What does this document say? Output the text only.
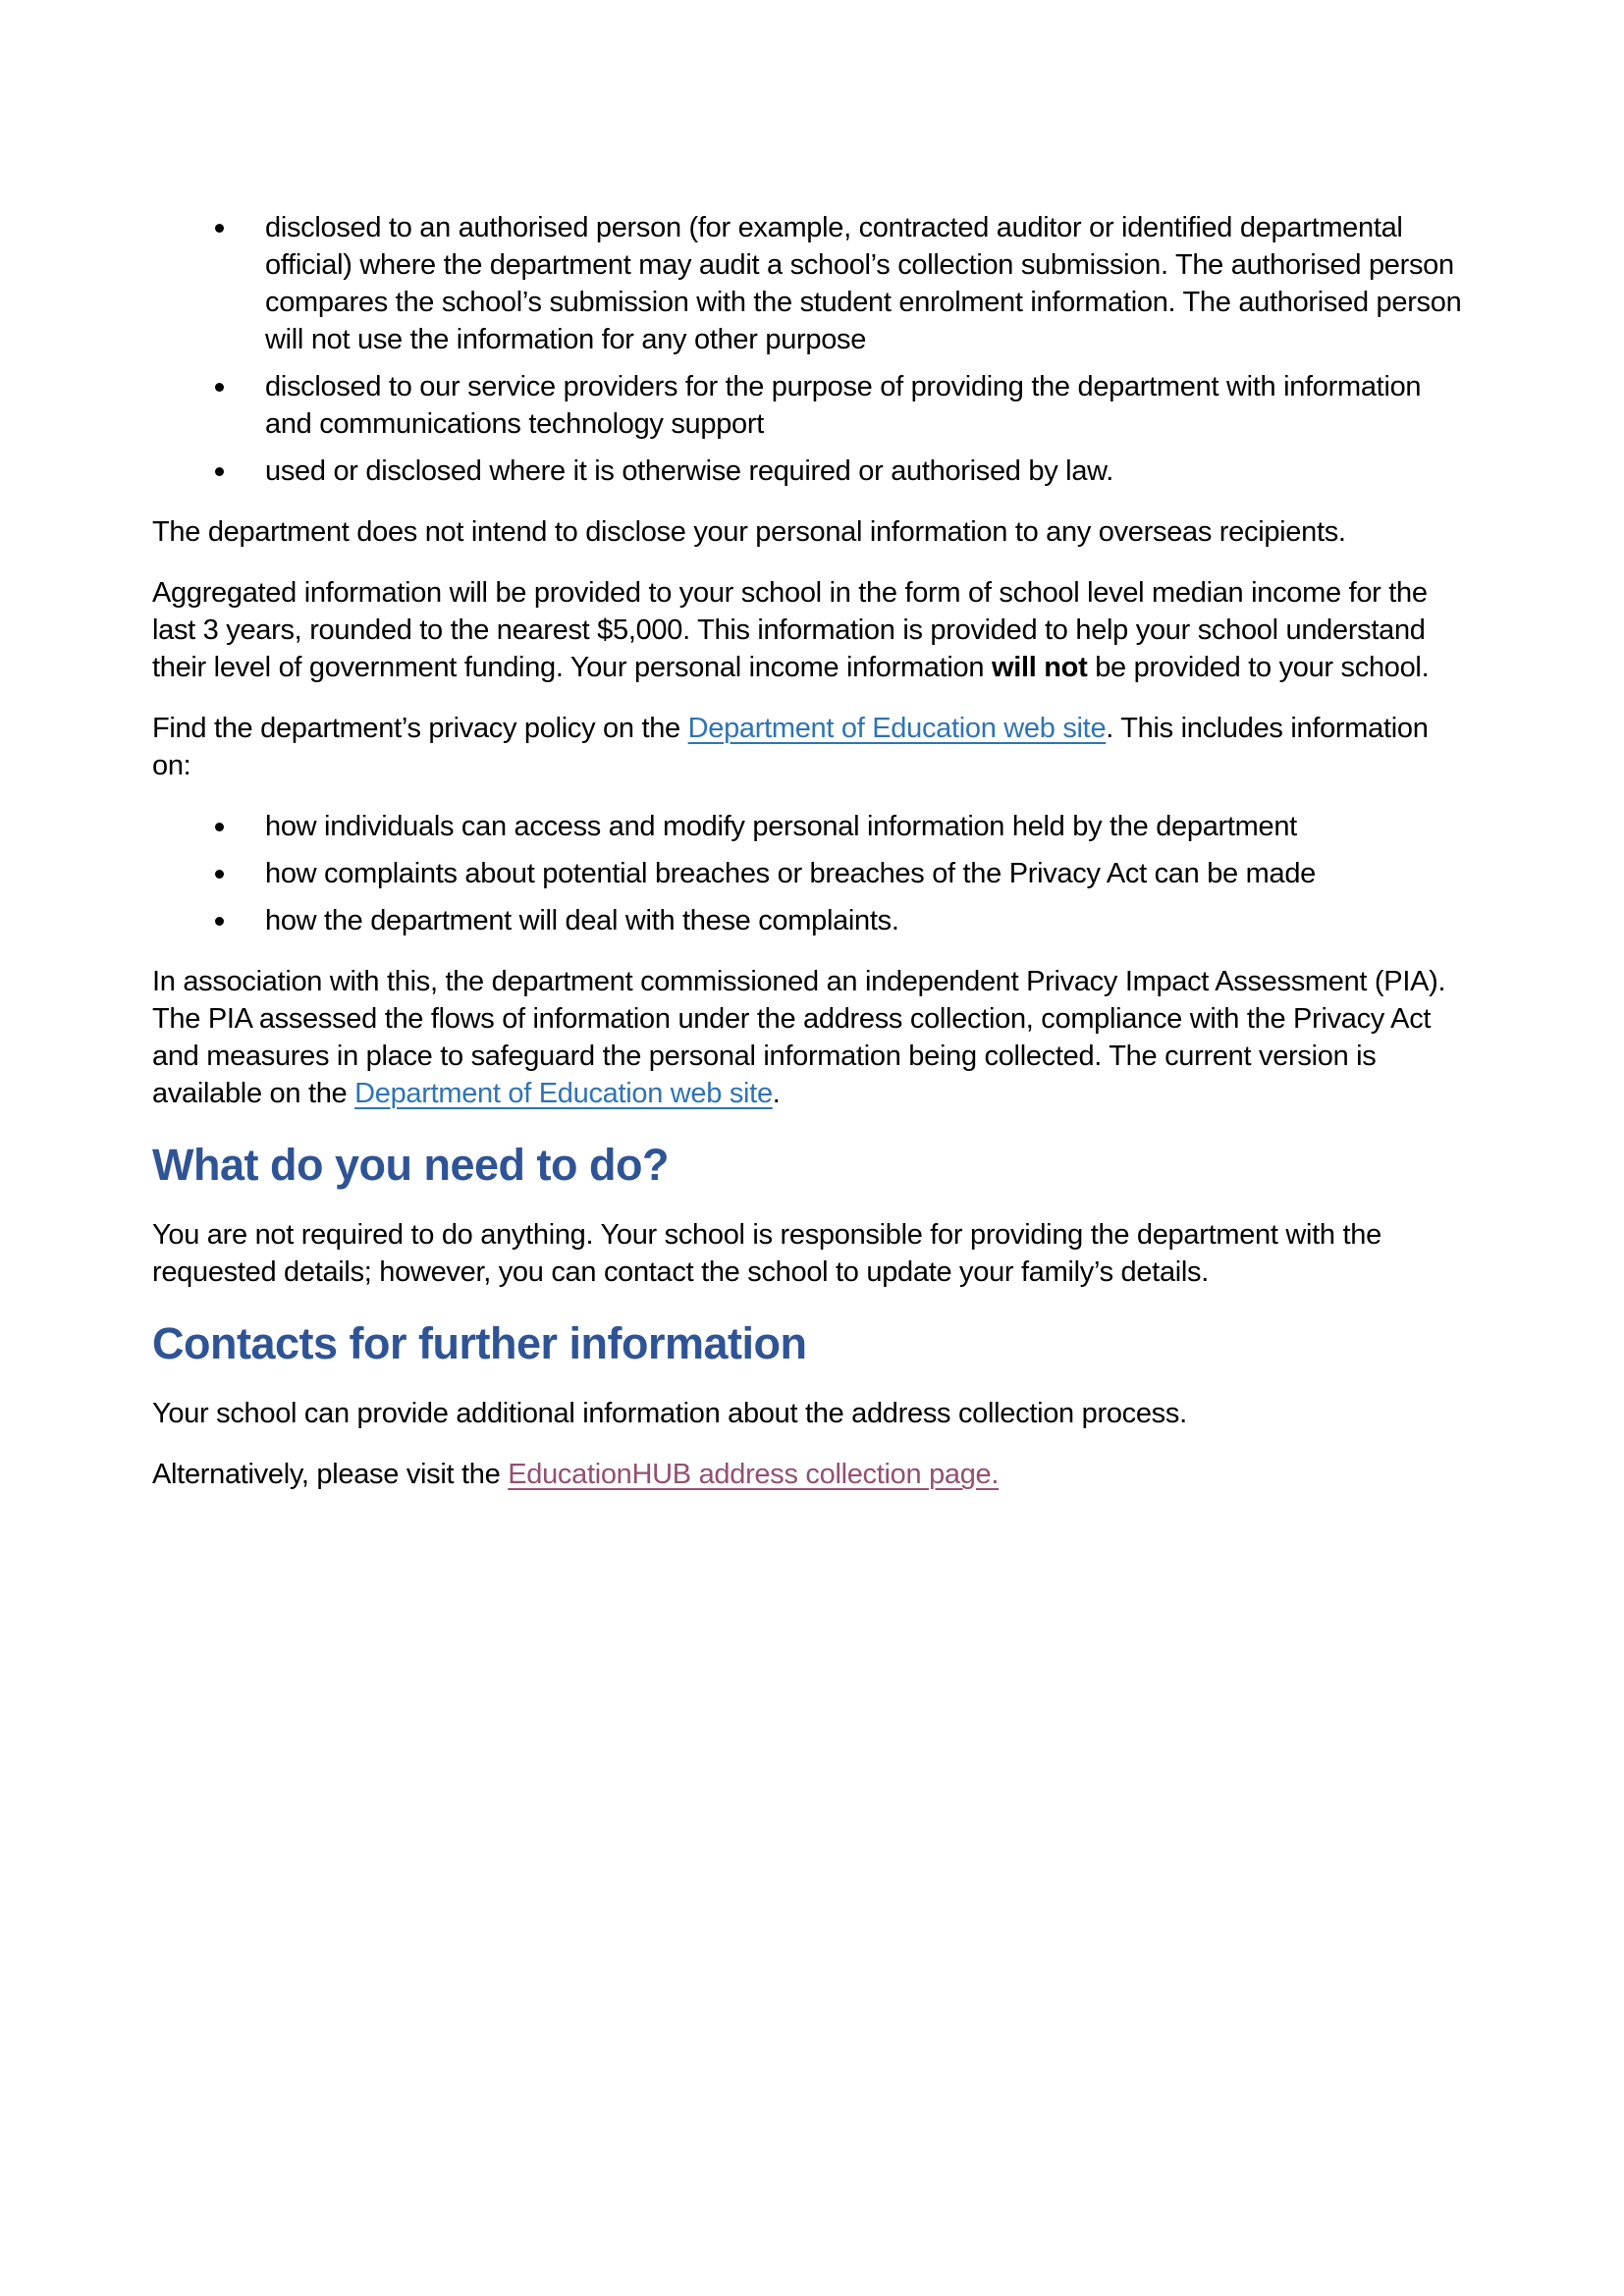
disclosed to an authorised person (for example, contracted auditor or identified departmental official) where the department may audit a school’s collection submission. The authorised person compares the school’s submission with the student enrolment information. The authorised person will not use the information for any other purpose
disclosed to our service providers for the purpose of providing the department with information and communications technology support
used or disclosed where it is otherwise required or authorised by law.

The department does not intend to disclose your personal information to any overseas recipients.

Aggregated information will be provided to your school in the form of school level median income for the last 3 years, rounded to the nearest $5,000. This information is provided to help your school understand their level of government funding. Your personal income information will not be provided to your school.

Find the department’s privacy policy on the Department of Education web site. This includes information on:

how individuals can access and modify personal information held by the department
how complaints about potential breaches or breaches of the Privacy Act can be made
how the department will deal with these complaints.

In association with this, the department commissioned an independent Privacy Impact Assessment (PIA). The PIA assessed the flows of information under the address collection, compliance with the Privacy Act and measures in place to safeguard the personal information being collected. The current version is available on the Department of Education web site.

What do you need to do?

You are not required to do anything. Your school is responsible for providing the department with the requested details; however, you can contact the school to update your family’s details.

Contacts for further information

Your school can provide additional information about the address collection process.

Alternatively, please visit the EducationHUB address collection page.
